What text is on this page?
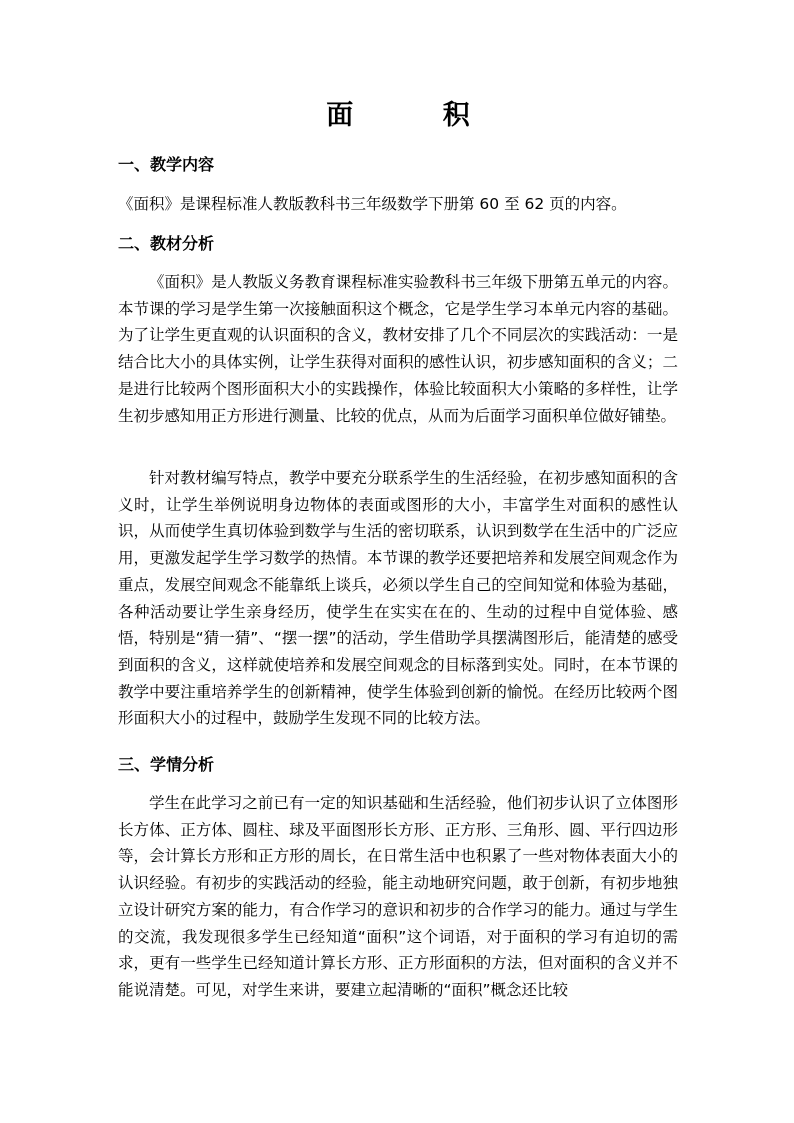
面 积
一、教学内容
《面积》是课程标准人教版教科书三年级数学下册第 60 至 62 页的内容。
二、教材分析
《面积》是人教版义务教育课程标准实验教科书三年级下册第五单元的内容。本节课的学习是学生第一次接触面积这个概念，它是学生学习本单元内容的基础。为了让学生更直观的认识面积的含义，教材安排了几个不同层次的实践活动：一是结合比大小的具体实例，让学生获得对面积的感性认识，初步感知面积的含义；二是进行比较两个图形面积大小的实践操作，体验比较面积大小策略的多样性，让学生初步感知用正方形进行测量、比较的优点，从而为后面学习面积单位做好铺垫。
针对教材编写特点，教学中要充分联系学生的生活经验，在初步感知面积的含义时，让学生举例说明身边物体的表面或图形的大小，丰富学生对面积的感性认识，从而使学生真切体验到数学与生活的密切联系，认识到数学在生活中的广泛应用，更激发起学生学习数学的热情。本节课的教学还要把培养和发展空间观念作为重点，发展空间观念不能靠纸上谈兵，必须以学生自己的空间知觉和体验为基础，各种活动要让学生亲身经历，使学生在实实在在的、生动的过程中自觉体验、感悟，特别是“猜一猜”、“摆一摆”的活动，学生借助学具摆满图形后，能清楚的感受到面积的含义，这样就使培养和发展空间观念的目标落到实处。同时，在本节课的教学中要注重培养学生的创新精神，使学生体验到创新的愉悦。在经历比较两个图形面积大小的过程中，鼓励学生发现不同的比较方法。
三、学情分析
学生在此学习之前已有一定的知识基础和生活经验，他们初步认识了立体图形长方体、正方体、圆柱、球及平面图形长方形、正方形、三角形、圆、平行四边形等，会计算长方形和正方形的周长，在日常生活中也积累了一些对物体表面大小的认识经验。有初步的实践活动的经验，能主动地研究问题，敢于创新，有初步地独立设计研究方案的能力，有合作学习的意识和初步的合作学习的能力。通过与学生的交流，我发现很多学生已经知道“面积”这个词语，对于面积的学习有迫切的需求，更有一些学生已经知道计算长方形、正方形面积的方法，但对面积的含义并不能说清楚。可见，对学生来讲，要建立起清晰的“面积”概念还比较
